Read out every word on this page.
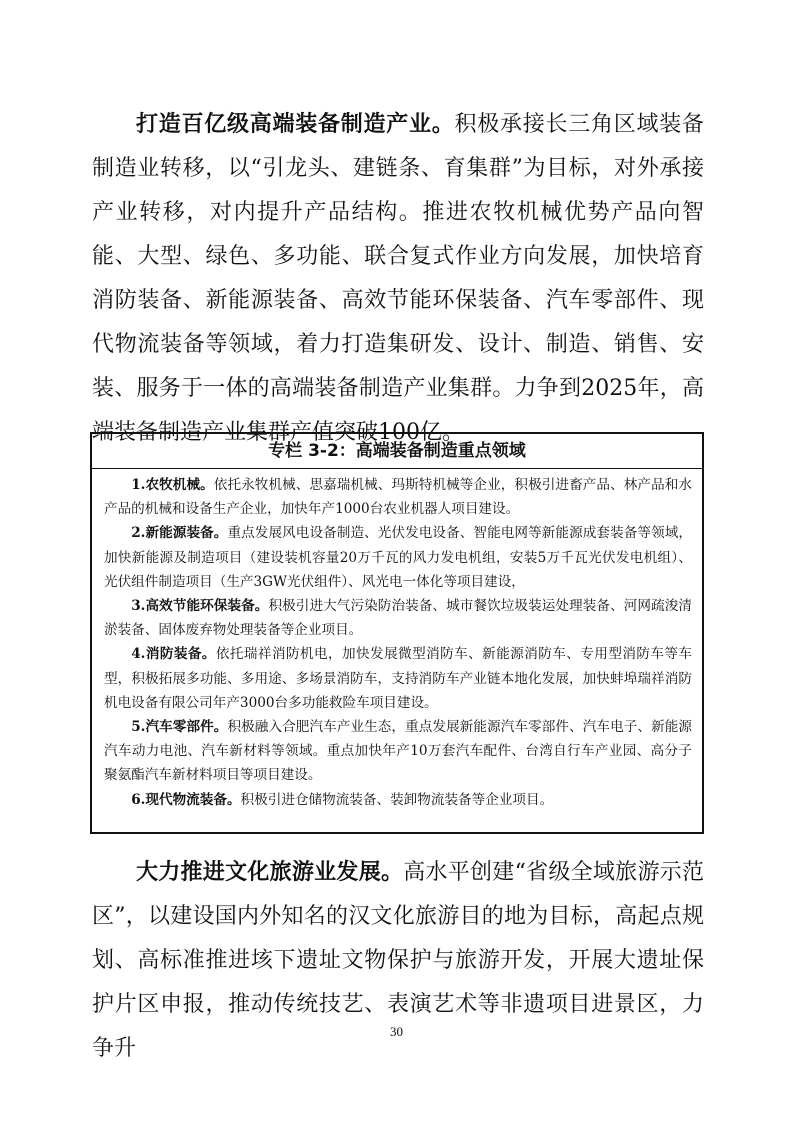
打造百亿级高端装备制造产业。积极承接长三角区域装备制造业转移，以“引龙头、建链条、育集群”为目标，对外承接产业转移，对内提升产品结构。推进农牧机械优势产品向智能、大型、绿色、多功能、联合复式作业方向发展，加快培育消防装备、新能源装备、高效节能环保装备、汽车零部件、现代物流装备等领域，着力打造集研发、设计、制造、销售、安装、服务于一体的高端装备制造产业集群。力争到2025年，高端装备制造产业集群产值突破100亿。

专栏 3-2：高端装备制造重点领域

1.农牧机械。依托永牧机械、思嘉瑞机械、玛斯特机械等企业，积极引进畜产品、林产品和水产品的机械和设备生产企业，加快年产1000台农业机器人项目建设。

2.新能源装备。重点发展风电设备制造、光伏发电设备、智能电网等新能源成套装备等领域，加快新能源及制造项目（建设装机容量20万千瓦的风力发电机组，安装5万千瓦光伏发电机组）、光伏组件制造项目（生产3GW光伏组件）、风光电一体化等项目建设，

3.高效节能环保装备。积极引进大气污染防治装备、城市餐饮垃圾装运处理装备、河网疏浚清淤装备、固体废弃物处理装备等企业项目。

4.消防装备。依托瑞祥消防机电，加快发展微型消防车、新能源消防车、专用型消防车等车型，积极拓展多功能、多用途、多场景消防车，支持消防车产业链本地化发展，加快蚌埠瑞祥消防机电设备有限公司年产3000台多功能救险车项目建设。

5.汽车零部件。积极融入合肥汽车产业生态，重点发展新能源汽车零部件、汽车电子、新能源汽车动力电池、汽车新材料等领域。重点加快年产10万套汽车配件、台湾自行车产业园、高分子聚氨酯汽车新材料项目等项目建设。

6.现代物流装备。积极引进仓储物流装备、装卸物流装备等企业项目。

大力推进文化旅游业发展。高水平创建“省级全域旅游示范区”，以建设国内外知名的汉文化旅游目的地为目标，高起点规划、高标准推进垓下遗址文物保护与旅游开发，开展大遗址保护片区申报，推动传统技艺、表演艺术等非遗项目进景区，力争升

30
